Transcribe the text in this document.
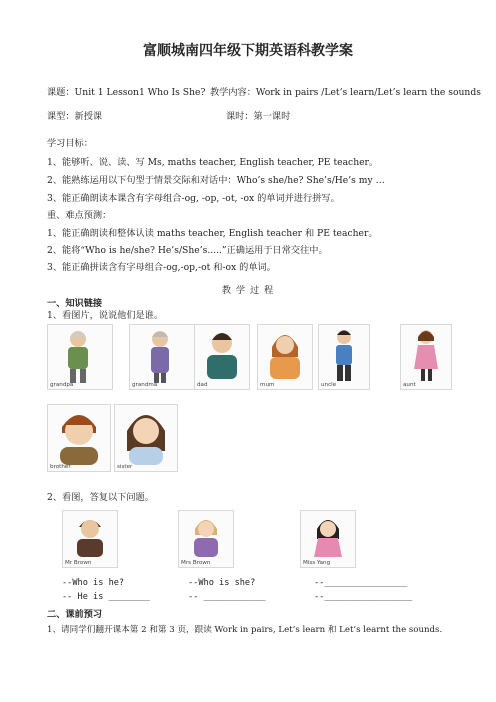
富顺城南四年级下期英语科教学案
课题：Unit 1 Lesson1 Who Is She? 教学内容：Work in pairs /Let’s learn/Let’s learn the sounds
课型：新授课	课时：第一课时
学习目标：
1、能够听、说、读、写 Ms, maths teacher, English teacher, PE teacher。
2、能熟练运用以下句型于情景交际和对话中：Who’s she/he? She’s/He’s my …
3、能正确朗读本课含有字母组合-og, -op, -ot, -ox 的单词并进行拼写。
重、难点预测：
1、能正确朗读和整体认读 maths teacher, English teacher 和 PE teacher。
2、能将“Who is he/she? He’s/She’s.....”正确运用于日常交往中。
3、能正确拼读含有字母组合-og,-op,-ot 和-ox 的单词。
教 学 过 程
一、知识链接
1、看图片，说说他们是谁。
grandpa	grandma	dad	mum	uncle	aunt
brother	sister
2、看图，答复以下问题。
Mr Brown	Mrs Brown	Miss Yang
--Who is he?
-- He is ________
--Who is she?
-- ____________
--________________
--_________________
二、课前预习
1、请同学们翻开课本第 2 和第 3 页，跟读 Work in pairs, Let’s learn 和 Let’s learnt the sounds.
